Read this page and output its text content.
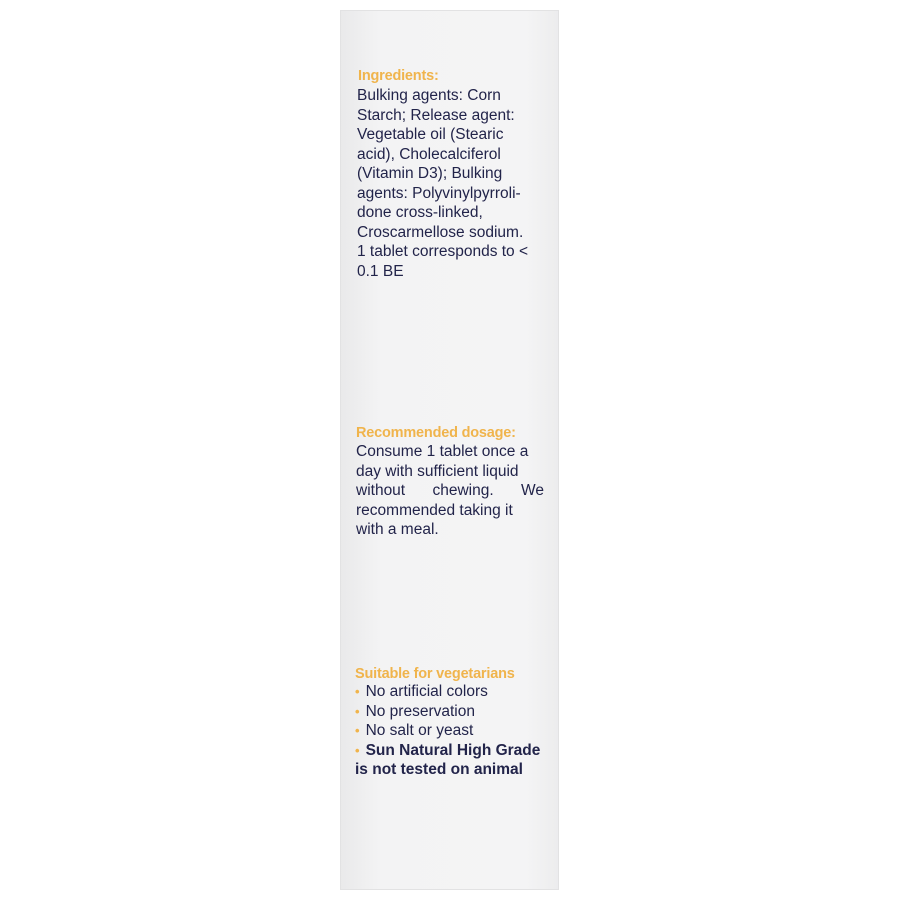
Ingredients:
Bulking agents: Corn
Starch; Release agent:
Vegetable oil (Stearic
acid), Cholecalciferol
(Vitamin D3); Bulking
agents: Polyvinylpyrroli-
done cross-linked,
Croscarmellose sodium.
1 tablet corresponds to <
0.1 BE
Recommended dosage:
Consume 1 tablet once a
day with sufficient liquid
without chewing. We
recommended taking it
with a meal.
Suitable for vegetarians
• No artificial colors
• No preservation
• No salt or yeast
• Sun Natural High Grade
is not tested on animal
